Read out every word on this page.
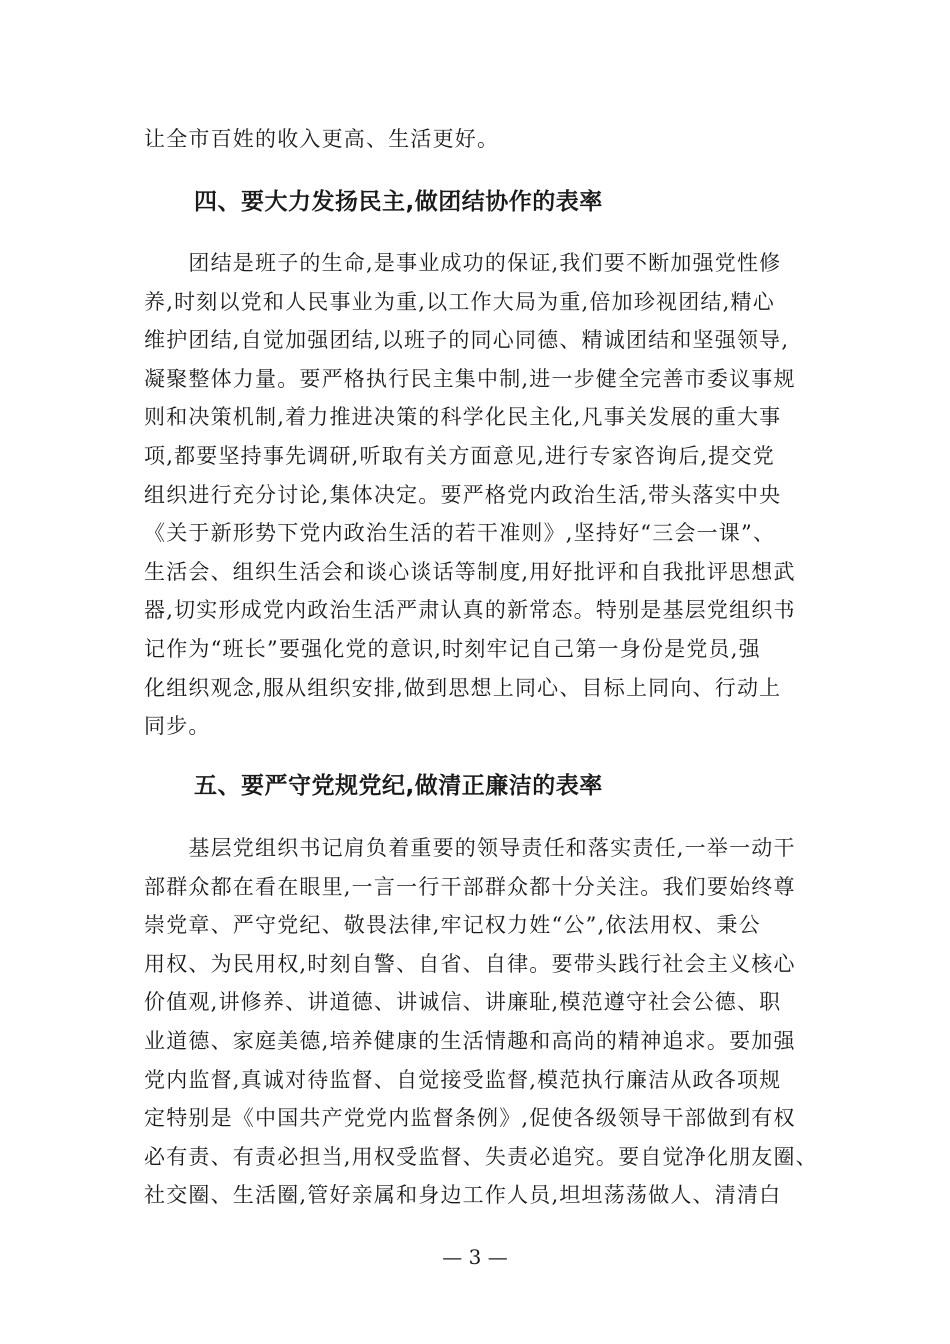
让全市百姓的收入更高、生活更好。
四、要大力发扬民主,做团结协作的表率
　　团结是班子的生命,是事业成功的保证,我们要不断加强党性修
养,时刻以党和人民事业为重,以工作大局为重,倍加珍视团结,精心
维护团结,自觉加强团结,以班子的同心同德、精诚团结和坚强领导,
凝聚整体力量。要严格执行民主集中制,进一步健全完善市委议事规
则和决策机制,着力推进决策的科学化民主化,凡事关发展的重大事
项,都要坚持事先调研,听取有关方面意见,进行专家咨询后,提交党
组织进行充分讨论,集体决定。要严格党内政治生活,带头落实中央
《关于新形势下党内政治生活的若干准则》,坚持好“三会一课”、
生活会、组织生活会和谈心谈话等制度,用好批评和自我批评思想武
器,切实形成党内政治生活严肃认真的新常态。特别是基层党组织书
记作为“班长”要强化党的意识,时刻牢记自己第一身份是党员,强
化组织观念,服从组织安排,做到思想上同心、目标上同向、行动上
同步。
五、要严守党规党纪,做清正廉洁的表率
　　基层党组织书记肩负着重要的领导责任和落实责任,一举一动干
部群众都在看在眼里,一言一行干部群众都十分关注。我们要始终尊
崇党章、严守党纪、敬畏法律,牢记权力姓“公”,依法用权、秉公
用权、为民用权,时刻自警、自省、自律。要带头践行社会主义核心
价值观,讲修养、讲道德、讲诚信、讲廉耻,模范遵守社会公德、职
业道德、家庭美德,培养健康的生活情趣和高尚的精神追求。要加强
党内监督,真诚对待监督、自觉接受监督,模范执行廉洁从政各项规
定特别是《中国共产党党内监督条例》,促使各级领导干部做到有权
必有责、有责必担当,用权受监督、失责必追究。要自觉净化朋友圈、
社交圈、生活圈,管好亲属和身边工作人员,坦坦荡荡做人、清清白
— 3 —
